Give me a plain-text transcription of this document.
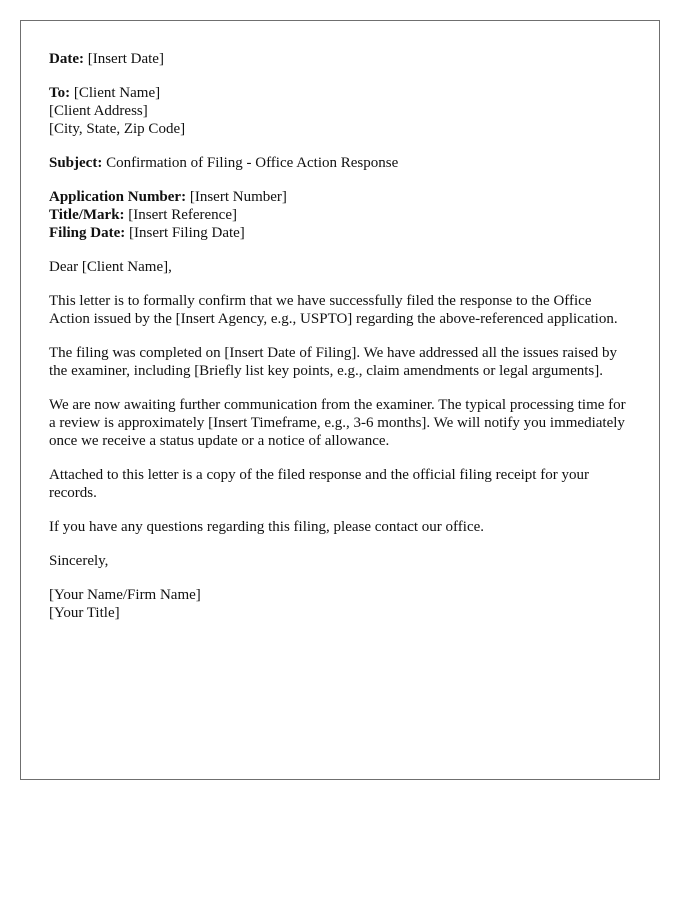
Date: [Insert Date]
To: [Client Name]
[Client Address]
[City, State, Zip Code]
Subject: Confirmation of Filing - Office Action Response
Application Number: [Insert Number]
Title/Mark: [Insert Reference]
Filing Date: [Insert Filing Date]

Dear [Client Name],

This letter is to formally confirm that we have successfully filed the response to the Office Action issued by the [Insert Agency, e.g., USPTO] regarding the above-referenced application.

The filing was completed on [Insert Date of Filing]. We have addressed all the issues raised by the examiner, including [Briefly list key points, e.g., claim amendments or legal arguments].

We are now awaiting further communication from the examiner. The typical processing time for a review is approximately [Insert Timeframe, e.g., 3-6 months]. We will notify you immediately once we receive a status update or a notice of allowance.

Attached to this letter is a copy of the filed response and the official filing receipt for your records.

If you have any questions regarding this filing, please contact our office.

Sincerely,

[Your Name/Firm Name]
[Your Title]
